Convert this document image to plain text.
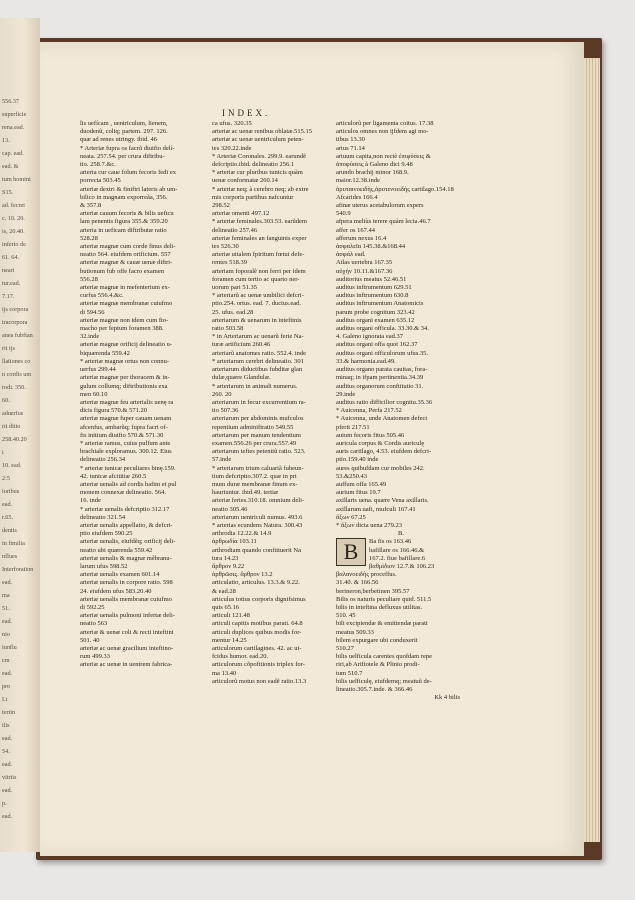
556.37
superficie
rena.ead.
13.
cap. ead.
ead. &
tum homini
S15.
ad. fecret
c. 10. 20.
is, 20.40.
inferio de
61. 64.
neari
tur.ead.
7.17.
ijs corpora
tracorpora
anea fubftan
rit ijs
llationes co
n cordis um
rodi. 350.
60.
aduerfus
rit ditio
258.40.20
i
10. ead.
2:5
ioribus
ead.
r.65.
dentis
in fimilia
nflues
Interforation
ead.
ma
51.
ead.
nio
iunflu
cm
ead.
pro
Lt
teriin
ilis
ead.
54.
ead.
vitriis
ead.
p.
ead.
INDEX.
lis uefícam , uentriculum, lienem,
duodenũ, coliq; partem. 297. 126.
quæ ad renes utringy. ibid. 46
* Arteriæ fupra os facrũ diuifio delí-
neata. 257.54. per crura diftribu-
tio. 258.7.&c.
arteria cur caue folum fecoris fedi ex
porrecta 503.45
arteriæ dextri & finiftri lateris ab um-
bilico in magnam exporreãa, 356.
& 357.8
arteriæ cauum fecoris & bilis ueficu
lam penentis figura 355.& 359.20
arteria in ueficam diftributæ ratio
528.28
arteriæ magnæ cum corde finus deli-
neatio 564. eiufdem orificium. 557
arteriæ magnæ & cauæ uenæ diftri-
butionum fub offe facro examen
556.28
arteriæ magnæ in mefenterium ex-
curfus 556.4.&c.
arteriæ magnæ membranæ cuiufmo
di 594.56
arteriæ magnæ non idem cum fto-
macho per feptum foramen 388.
32.inde
arteriæ magnæ orificij delineatio u-
biquærenda 559.42
* arteriæ magnæ ortus non connu-
uerfus 299.44
arteriæ magnæ per thoracem & in-
gulum collumq; diftributionis exa
men 60.10
arteriæ magnæ feu arterialis uenę ra
dicis figura 570.& 571.20
arteriæ magnæ fuper cauam uenam
afcenfus, ambarũq; fupra facri of-
fis initium diuifio 570.& 571.30
* arteriæ ramus, cuius pulfum ante
brachiale exploramus. 300.12. Eius
delineatio 256.34
* arteriæ tunicæ peculiares binę.159.
42. tunicæ afcititiæ 260.5
arteriæ uenalis ad cordis bafim et pul
monem connexæ delineatio. 564.
16. inde
* arteriæ uenalis defcriptio 312.17
delineatio 321.54
arteriæ uenalis appellatio, & defcri-
ptio eiufdem 590.25
arteriæ uenalis, eiufdẽq; orificij deli-
neatio ubi quærenda 559.42
arteriæ uenalis & magnæ mẽbranu-
larum ufus 598.52
arteriæ uenalis examen 601.14
arteriæ uenalis in corpore ratio. 598
24. eiufdem ufus 583.20.40
arteriæ uenalis membranæ cuiufmo
di 592.25
arteriæ uenalis pulmoni infertæ deli-
neatio 563
arteriæ & uenæ coli & recti inteftini
501. 40
arteriæ ac uenæ gracilium inteftino-
rum 499.33
arteriæ ac uenæ in uentrem fabrica-
ca ufus. 320.35
arteriæ ac uenæ renibus oblatæ.515.15
arteriæ ac uenæ uentriculum peten-
tes 320.22.inde
* Arteriæ Coronales. 299.9. earundẽ
defcriptio.ibid. delineatio 256.1
* arteriæ cur pluribus tunicis quàm
uenæ conformatæ 260.14
* arteriæ neq; à cerebro neq; ab extre
mis corporis partibus nafcuntur
298.52
arteriæ omenti 497.12
* arteriæ feminales.303.53. earũdem
delineatio 257.46
arteriæ feminales an fanguinis exper
tes 526.30
arteriæ uitalem fpiritum fœtui defe-
rentes 518.39
arteriam foporalẽ non ferri per idem
foramen cum tertio ac quarto ner-
uorum pari 51.35
* arteriarũ ac uenæ umbilici defcri-
ptio.254. ortus. ead. 7. ductus.ead.
25. ufus. ead.28
arteriarum & uenarum in inteftinis
ratio 503.58
* in Arteriarum ac uenarũ ferie Na-
turæ artificium 260.46
arteriarũ anatomes ratio. 552.4. inde
* arteriarum cerebri delineatio. 301
arteriarum diductibus fubditæ glan
dulæ,quære Glandulæ.
* arteriarum in animali numerus.
260. 20
arteriarum in fecur excurrentium ra-
tio 507.36
arteriarum per abdominis mufculos
repentium adminiftratio 549.55
arteriarum per manum tendentium
examen.556.26 per crura.557.49
arteriarum teftes petentiũ ratio. 523.
57.inde
* arteriarum trium caluariã fubeun-
tium defcriptio.307.2. quæ in pri
mum duræ membranæ finum ex-
hauriuntur. ibid.49. tertiæ
arteriæ feries.310.18. omnium deli-
neatio 305.46
arteriarum uentriculi numus. 493.6
* arterias ecundens Natura. 300.43
arthrodia 12.22.& 14.9
ἀρθρωδία 103.11
arthrodiam quando conftituerit Na
tura 14.23
ἄρθρον 9.22
ἀρθρῶσις. ἄρθρον 13.2
articulatio, articulus. 13.3.& 9.22.
& ead.28
articulus totius corporis dignifsimus
quis 65.16
articuli 121.48
articuli capitis motibus parati. 64.8
articuli duplices quibus modis for-
mentur 14.25
articulorum cartilagines. 42. ac ui-
fcidus humor. ead.20.
articulorum cõpofitionis triplex for-
ma 13.40
articulorũ motus non eadẽ ratio.13.3
articulorũ per ligamenta coitus. 17.38
articulos omnes non ijfdem agi mo-
tibus 13.30
artus 71.14
artuum capita,non rectè ἐπιφύσεις &
ἀποφύσεις à Galeno dici 9.48
arundo brachij minor 168.9.
maior.12.38.inde
ἀρυταινοειδὴς,ἀρυτενοειδὴς cartilago.154.18
Afcarides 166.4
afinæ uterus acetabulorum expers
540.9
afpera meliùs terere quàm lecta.46.7
affer os 167.44
afferum nexus 16.4
ἀσφαλεῖα 145.38.&168.44
ἀσφάλ ead.
Atlas uertebra 167.35
αὐχήν 10.11.&167.36
auditorius meatus 52.46.51
auditus inftrumentum 629.51
auditus inftrumentum 630.8
auditus inftrumentum Anatomicis
parum probe cognitum 323.42
auditus organi examen 635.12
auditus organi officula. 33.30.& 34.
4. Galeno ignorata ead.37
auditus organi offa quot 162.37
auditus organi officulorum ufus.35.
33.& harmonia.ead.49.
auditus organo parata cauitas, fora-
minaq; in ifpam pertinentia.34.39
auditus organorum conftitutio 31.
29.inde
auditus ratio difficilior cognitu.35.36
* Auicenna, Perfa 217.52
* Auicenna, unde Anatomen defect
pferit 217.51
auium fecoris fitus 505.46
auricula corpus & Cordis auriculę
auris cartilago, 4.53. eiufdem defcri-
ptio.159.40 inde
aures quibufdam cur mobiles 242.
53.&250.43
auffum offa 165.49
aurium fitus 19.7
axillaris uena. quære Vena axillaris.
axillarum uafi, mufculi 167.41
ἄξων 67.25
* ἄξων dicta uena 279.23
B.
B	Ba fis os 163.46
bafillare os 166.46.&
167.2. fiue bafillare.6
βαθμὶδιον 12.7.& 106.23
βαλανοειδὴς proceffus.
31.40. & 166.56
berineron,berbetinen 395.57
Bilis os naturis peculiare quid. 511.5
bilis in inteftina defluxus utilitas.
510. 45
bili excipiendæ & emittendæ parati
meatus 509.33
bilem expurgare ubi conduxerit
510.27
bilis uelficula carentes quofdam repe
riri,ab Ariftotele & Plinio prodi-
tum 510.7
bilis uelficulę, eiufdemq; meatuũ de-
lineatio.305.7.inde. & 366.46
Kk 4 bilis
